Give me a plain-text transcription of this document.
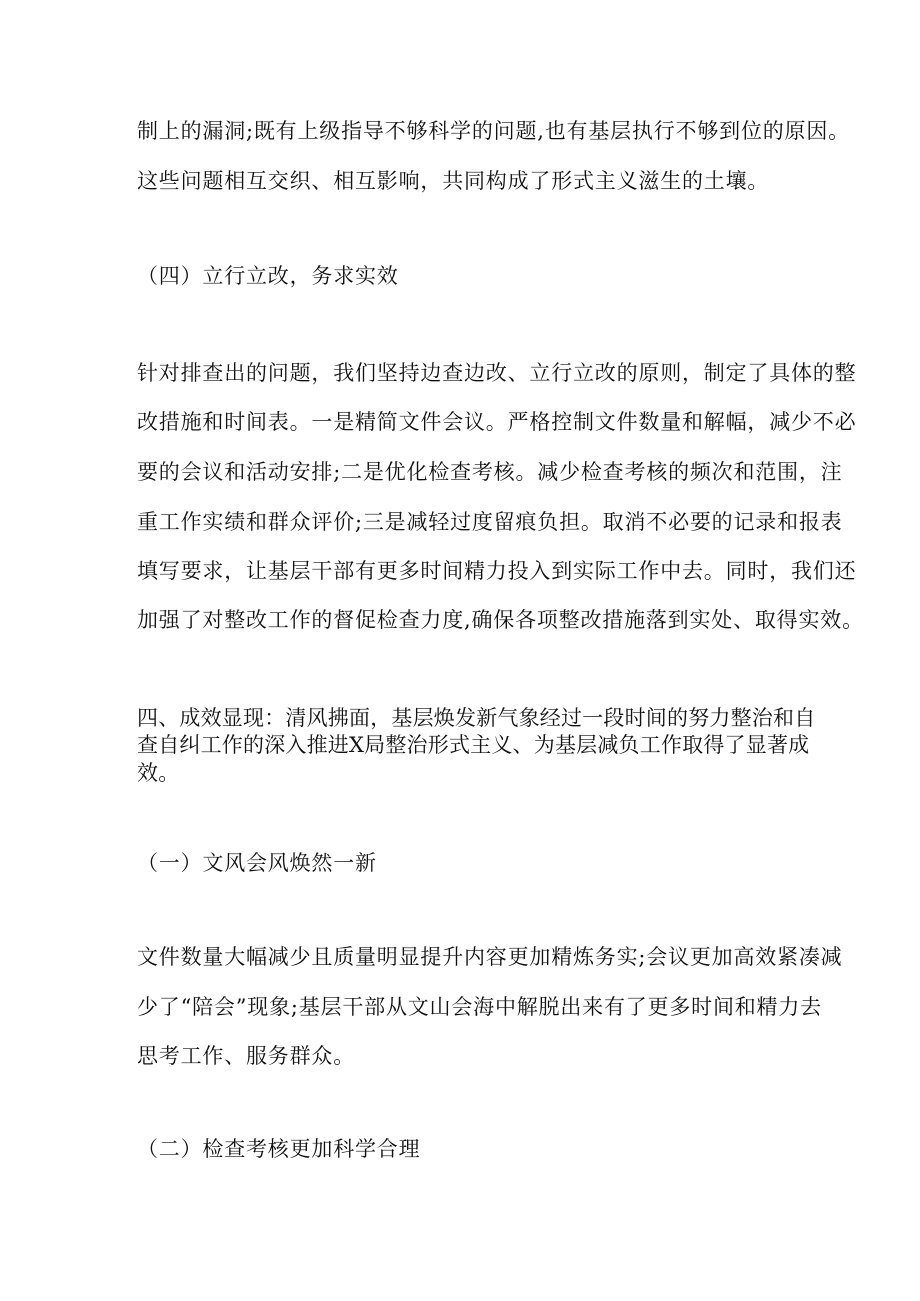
制上的漏洞;既有上级指导不够科学的问题,也有基层执行不够到位的原因。
这些问题相互交织、相互影响，共同构成了形式主义滋生的土壤。
（四）立行立改，务求实效
针对排查出的问题，我们坚持边查边改、立行立改的原则，制定了具体的整
改措施和时间表。一是精简文件会议。严格控制文件数量和解幅，减少不必
要的会议和活动安排;二是优化检查考核。减少检查考核的频次和范围，注
重工作实绩和群众评价;三是减轻过度留痕负担。取消不必要的记录和报表
填写要求，让基层干部有更多时间精力投入到实际工作中去。同时，我们还
加强了对整改工作的督促检查力度,确保各项整改措施落到实处、取得实效。
四、成效显现：清风拂面，基层焕发新气象经过一段时间的努力整治和自
查自纠工作的深入推进X局整治形式主义、为基层减负工作取得了显著成
效。
（一）文风会风焕然一新
文件数量大幅减少且质量明显提升内容更加精炼务实;会议更加高效紧凑减
少了“陪会”现象;基层干部从文山会海中解脱出来有了更多时间和精力去
思考工作、服务群众。
（二）检查考核更加科学合理
